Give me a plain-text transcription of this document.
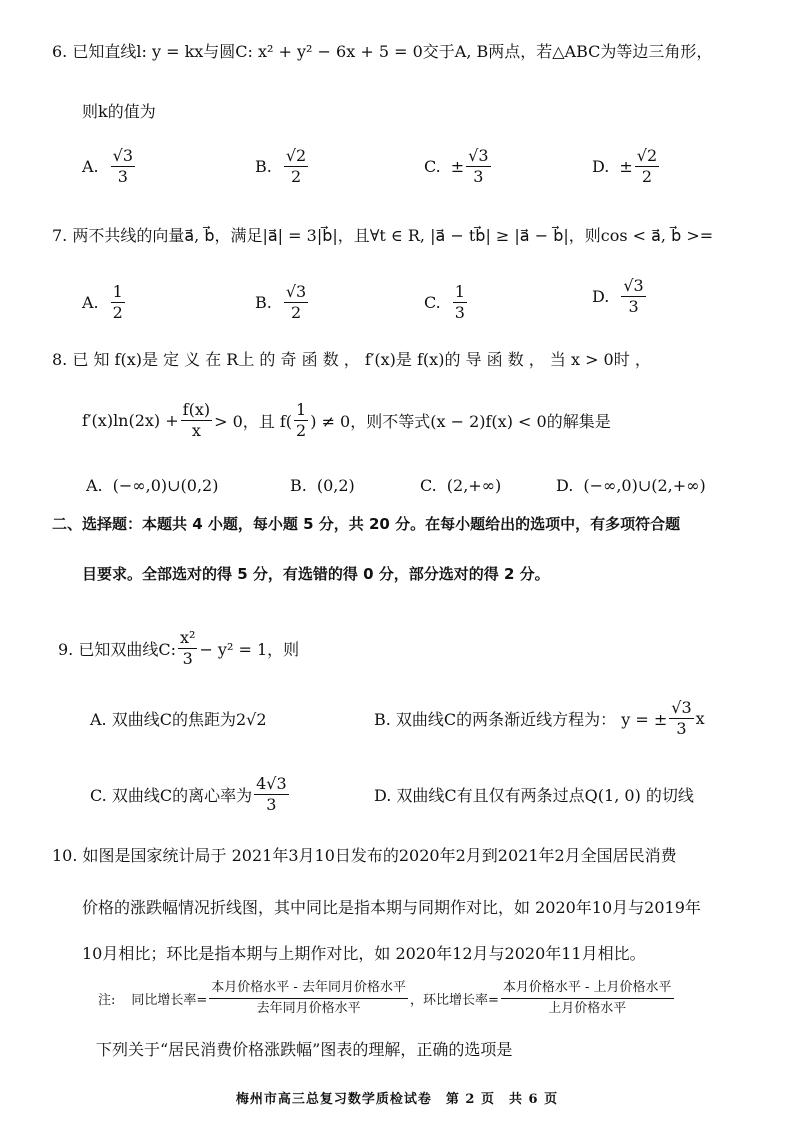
6. 已知直线l: y = kx与圆C: x² + y² − 6x + 5 = 0交于A, B两点，若△ABC为等边三角形，
则k的值为
A. $\frac{√3}{3}$	B. $\frac{√2}{2}$	C. ± $\frac{√3}{3}$	D. ± $\frac{√2}{2}$
7. 两不共线的向量a⃗, b⃗，满足|a⃗| = 3|b⃗|，且∀t ∈ R, |a⃗ − tb⃗| ≥ |a⃗ − b⃗|，则cos < a⃗, b⃗ >=
A. $\frac{1}{2}$	B. $\frac{√3}{2}$	C. $\frac{1}{3}$	D. $\frac{√3}{3}$
8. 已 知 f(x)是 定 义 在 R上 的 奇 函 数 ， f′(x)是 f(x)的 导 函 数 ， 当 x > 0时 ，
$f'(x)\ln(2x) + \frac{f(x)}{x} > 0$，且 $f( \frac{1}{2}$ ) ≠ 0，则不等式(x − 2)f(x) < 0的解集是
A. (−∞,0)∪(0,2)	B. (0,2)	C. (2,+∞)	D. (−∞,0)∪(2,+∞)
二、选择题：本题共 4 小题，每小题 5 分，共 20 分。在每小题给出的选项中，有多项符合题
目要求。全部选对的得 5 分，有选错的得 0 分，部分选对的得 2 分。
9. 已知双曲线C: $\frac{\text{x²}}{3} - y^2 = 1$，则
A. 双曲线C的焦距为2√2	B. 双曲线C的两条渐近线方程为： y = ± $\frac{√3}{3}$ x
C. 双曲线C的离心率为 $\frac{4√3}{3}$	D. 双曲线C有且仅有两条过点Q(1, 0) 的切线
10. 如图是国家统计局于 2021年3月10日发布的2020年2月到2021年2月全国居民消费
价格的涨跌幅情况折线图，其中同比是指本期与同期作对比，如 2020年10月与2019年
10月相比；环比是指本期与上期作对比，如 2020年12月与2020年11月相比。
注: 同比增长率= $\frac{\text{本月价格水平 - 去年同月价格水平}}{\text{去年同月价格水平}}$ ，环比增长率= $\frac{\text{本月价格水平 - 上月价格水平}}{\text{上月价格水平}}$
下列关于“居民消费价格涨跌幅”图表的理解，正确的选项是
梅州市高三总复习数学质检试卷　第 2 页　共 6 页
